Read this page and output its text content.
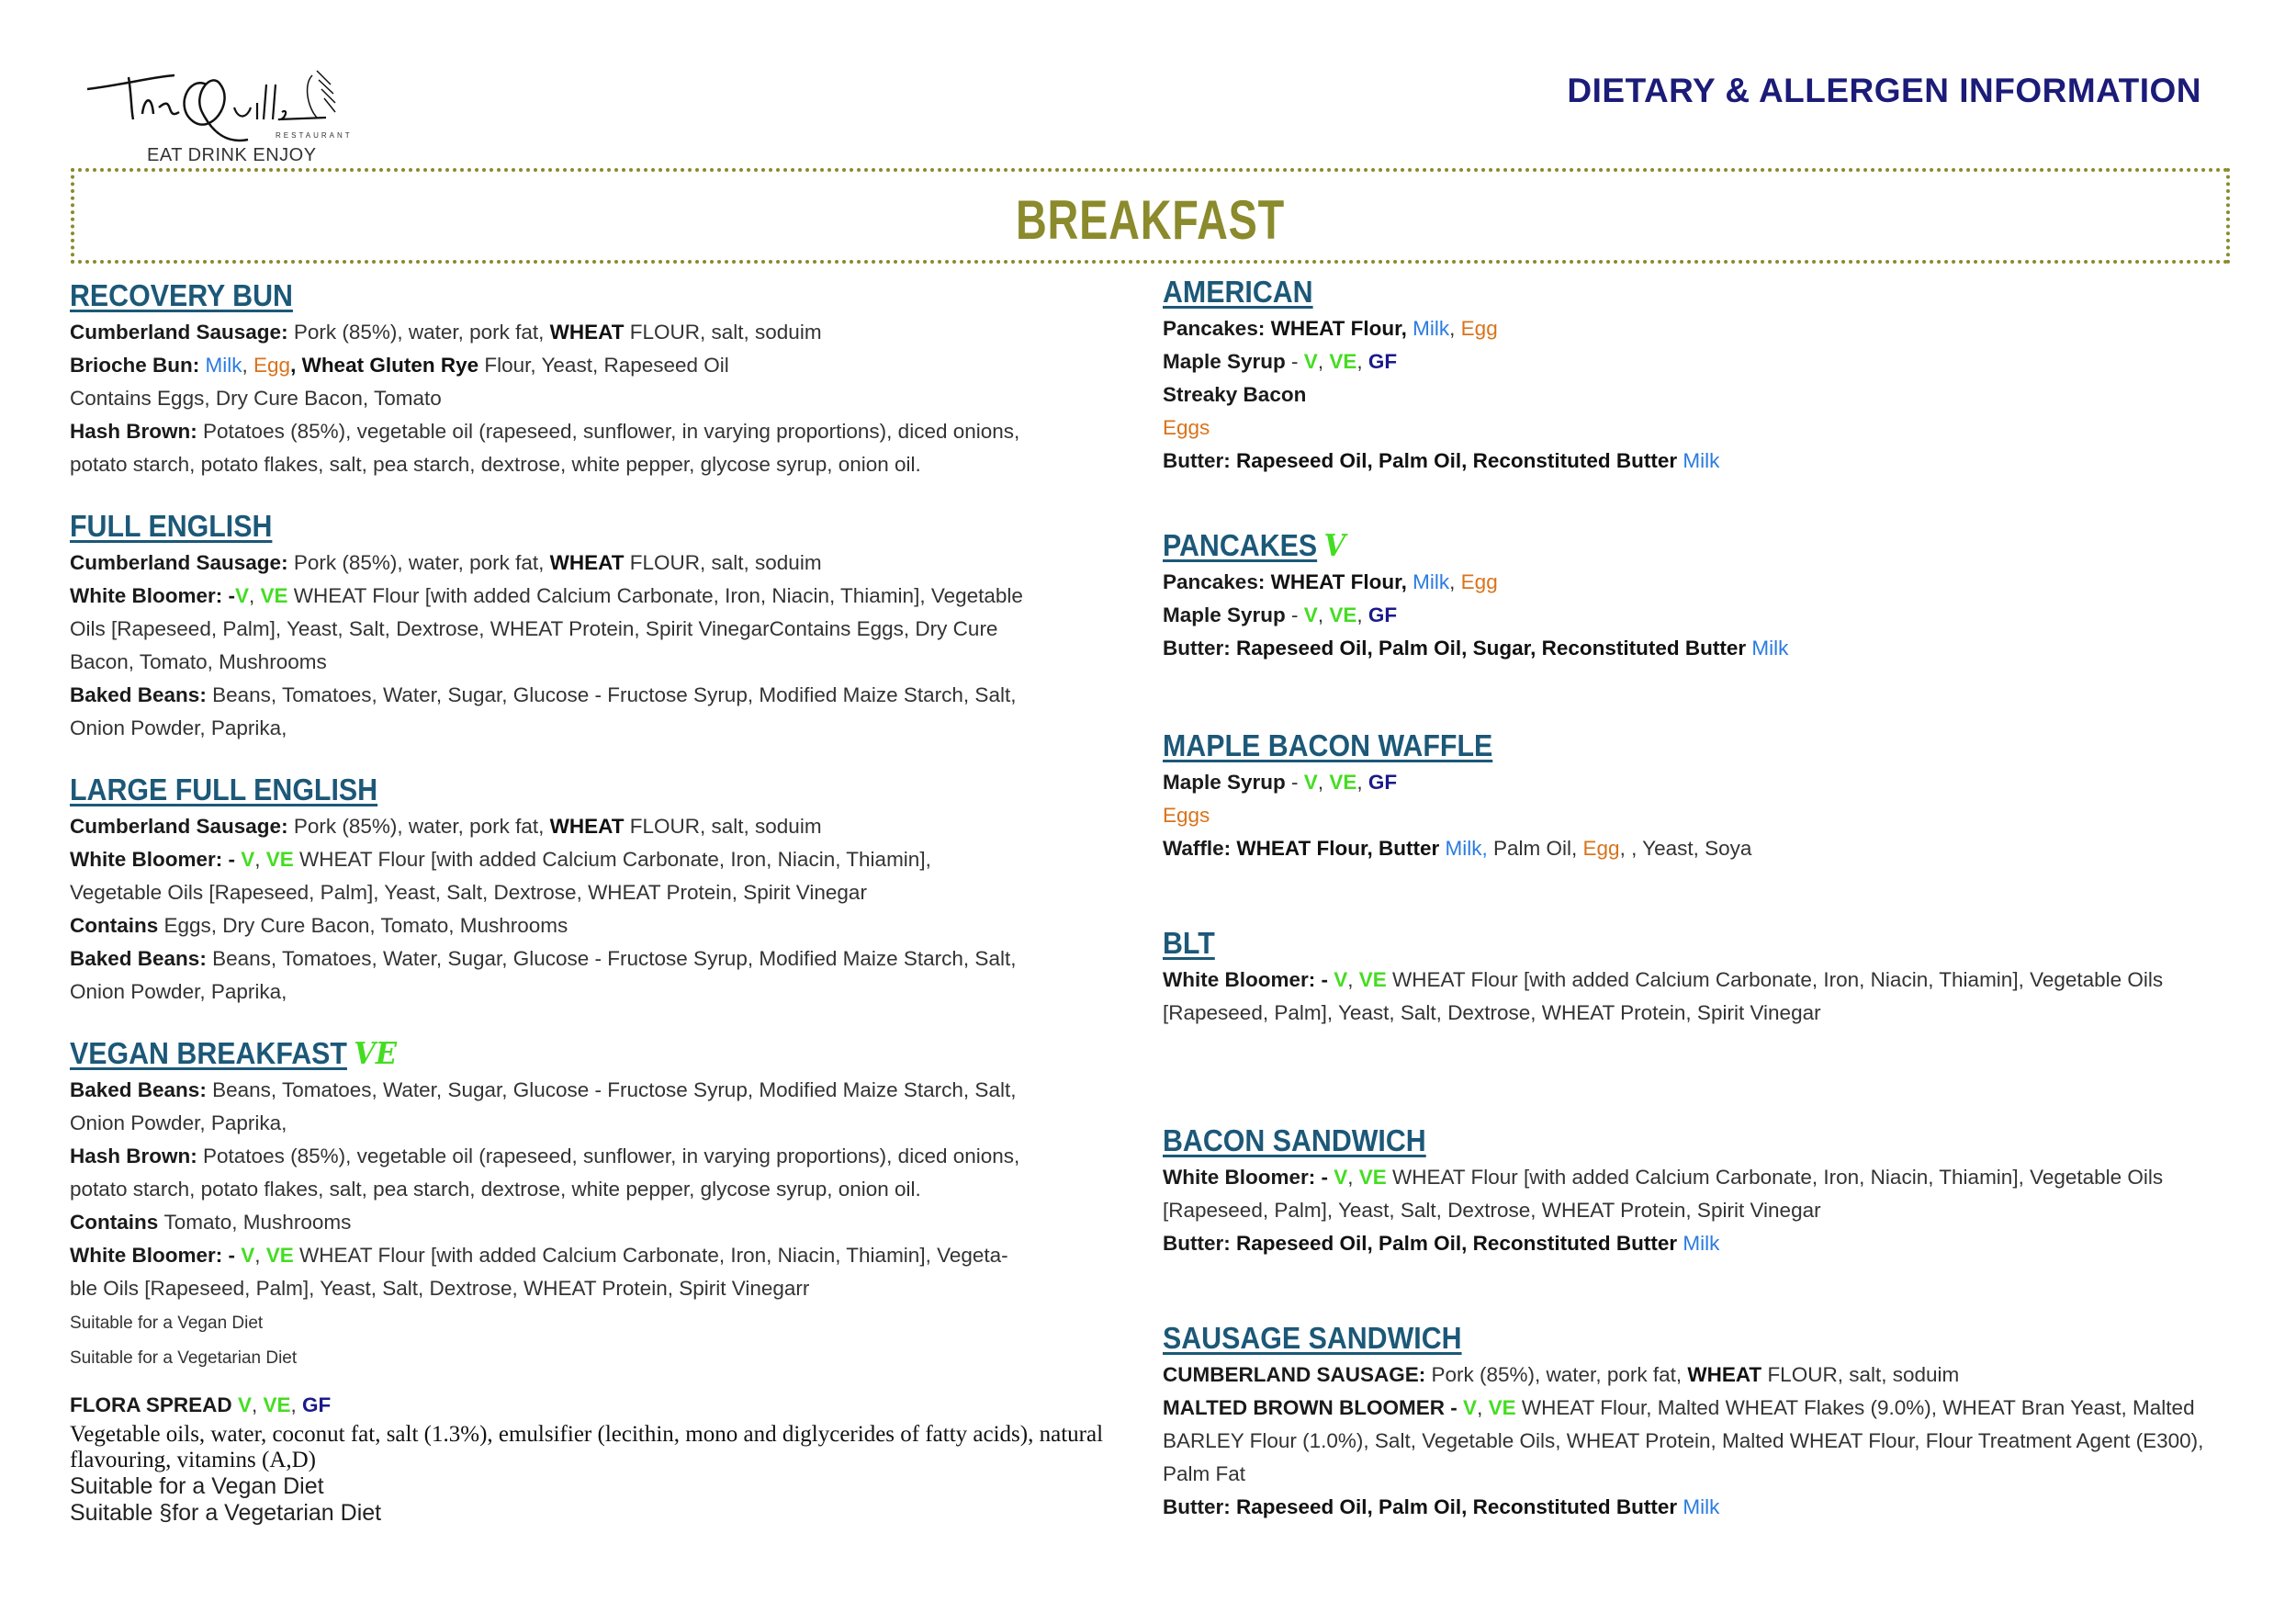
RESTAURANT
EAT DRINK ENJOY
DIETARY & ALLERGEN INFORMATION
BREAKFAST
RECOVERY BUN
Cumberland Sausage: Pork (85%), water, pork fat, WHEAT FLOUR, salt, soduim
Brioche Bun: Milk, Egg, Wheat Gluten Rye Flour, Yeast, Rapeseed Oil
Contains Eggs, Dry Cure Bacon, Tomato
Hash Brown: Potatoes (85%), vegetable oil (rapeseed, sunflower, in varying proportions), diced onions,
potato starch, potato flakes, salt, pea starch, dextrose, white pepper, glycose syrup, onion oil.
FULL ENGLISH
Cumberland Sausage: Pork (85%), water, pork fat, WHEAT FLOUR, salt, soduim
White Bloomer: -V, VE WHEAT Flour [with added Calcium Carbonate, Iron, Niacin, Thiamin], Vegetable
Oils [Rapeseed, Palm], Yeast, Salt, Dextrose, WHEAT Protein, Spirit VinegarContains Eggs, Dry Cure
Bacon, Tomato, Mushrooms
Baked Beans: Beans, Tomatoes, Water, Sugar, Glucose - Fructose Syrup, Modified Maize Starch, Salt,
Onion Powder, Paprika,
LARGE FULL ENGLISH
Cumberland Sausage: Pork (85%), water, pork fat, WHEAT FLOUR, salt, soduim
White Bloomer: - V, VE WHEAT Flour [with added Calcium Carbonate, Iron, Niacin, Thiamin],
Vegetable Oils [Rapeseed, Palm], Yeast, Salt, Dextrose, WHEAT Protein, Spirit Vinegar
Contains Eggs, Dry Cure Bacon, Tomato, Mushrooms
Baked Beans: Beans, Tomatoes, Water, Sugar, Glucose - Fructose Syrup, Modified Maize Starch, Salt,
Onion Powder, Paprika,
VEGAN BREAKFAST VE
Baked Beans: Beans, Tomatoes, Water, Sugar, Glucose - Fructose Syrup, Modified Maize Starch, Salt,
Onion Powder, Paprika,
Hash Brown: Potatoes (85%), vegetable oil (rapeseed, sunflower, in varying proportions), diced onions,
potato starch, potato flakes, salt, pea starch, dextrose, white pepper, glycose syrup, onion oil.
Contains Tomato, Mushrooms
White Bloomer: - V, VE WHEAT Flour [with added Calcium Carbonate, Iron, Niacin, Thiamin], Vegeta-
ble Oils [Rapeseed, Palm], Yeast, Salt, Dextrose, WHEAT Protein, Spirit Vinegarr
Suitable for a Vegan Diet
Suitable for a Vegetarian Diet
AMERICAN
Pancakes: WHEAT Flour, Milk, Egg
Maple Syrup - V, VE, GF
Streaky Bacon
Eggs
Butter: Rapeseed Oil, Palm Oil, Reconstituted Butter Milk
PANCAKES V
Pancakes: WHEAT Flour, Milk, Egg
Maple Syrup - V, VE, GF
Butter: Rapeseed Oil, Palm Oil, Sugar, Reconstituted Butter Milk
MAPLE BACON WAFFLE
Maple Syrup - V, VE, GF
Eggs
Waffle: WHEAT Flour, Butter Milk, Palm Oil, Egg, , Yeast, Soya
BLT
White Bloomer: - V, VE WHEAT Flour [with added Calcium Carbonate, Iron, Niacin, Thiamin], Vegetable Oils
[Rapeseed, Palm], Yeast, Salt, Dextrose, WHEAT Protein, Spirit Vinegar
BACON SANDWICH
White Bloomer: - V, VE WHEAT Flour [with added Calcium Carbonate, Iron, Niacin, Thiamin], Vegetable Oils
[Rapeseed, Palm], Yeast, Salt, Dextrose, WHEAT Protein, Spirit Vinegar
Butter: Rapeseed Oil, Palm Oil, Reconstituted Butter Milk
SAUSAGE SANDWICH
CUMBERLAND SAUSAGE: Pork (85%), water, pork fat, WHEAT FLOUR, salt, soduim
MALTED BROWN BLOOMER - V, VE WHEAT Flour, Malted WHEAT Flakes (9.0%), WHEAT Bran Yeast, Malted
BARLEY Flour (1.0%), Salt, Vegetable Oils, WHEAT Protein, Malted WHEAT Flour, Flour Treatment Agent (E300),
Palm Fat
Butter: Rapeseed Oil, Palm Oil, Reconstituted Butter Milk
FLORA SPREAD V, VE, GF
Vegetable oils, water, coconut fat, salt (1.3%), emulsifier (lecithin, mono and diglycerides of fatty acids), natural
flavouring, vitamins (A,D)
Suitable for a Vegan Diet
Suitable §for a Vegetarian Diet
